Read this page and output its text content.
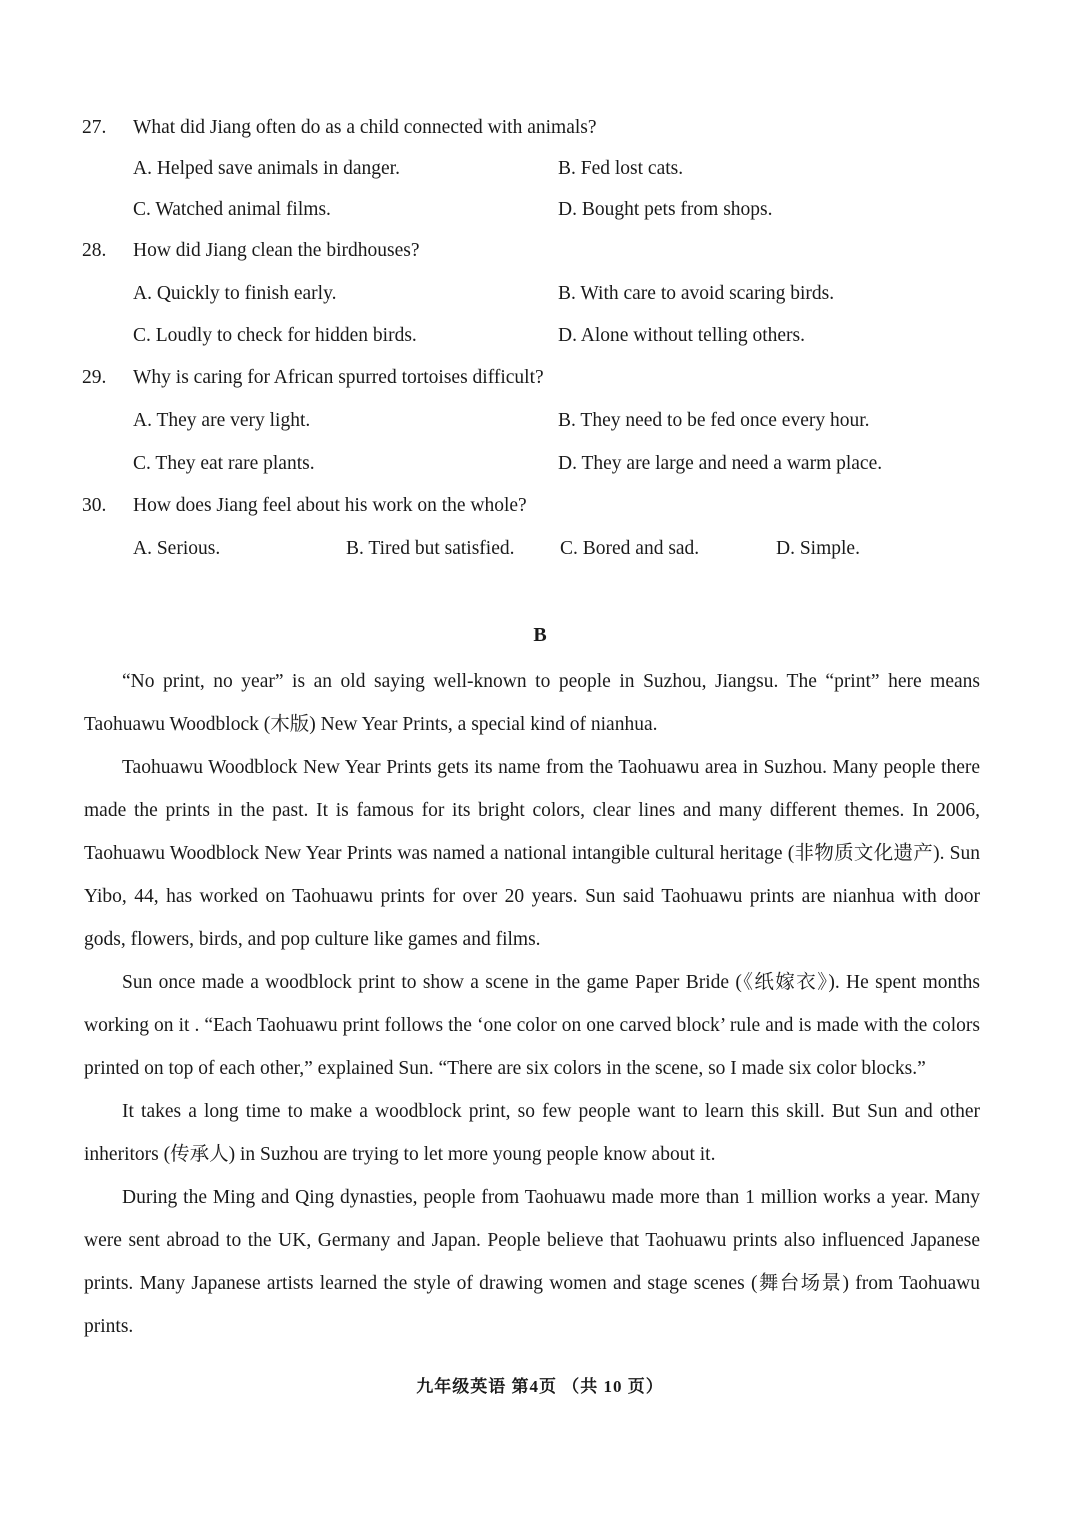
27. What did Jiang often do as a child connected with animals?
A. Helped save animals in danger.	B. Fed lost cats.
C. Watched animal films.	D. Bought pets from shops.
28. How did Jiang clean the birdhouses?
A. Quickly to finish early.	B. With care to avoid scaring birds.
C. Loudly to check for hidden birds.	D. Alone without telling others.
29. Why is caring for African spurred tortoises difficult?
A. They are very light.	B. They need to be fed once every hour.
C. They eat rare plants.	D. They are large and need a warm place.
30. How does Jiang feel about his work on the whole?
A. Serious.	B. Tired but satisfied. C. Bored and sad.	D. Simple.
B

“No print, no year” is an old saying well-known to people in Suzhou, Jiangsu. The “print” here means Taohuawu Woodblock (木版) New Year Prints, a special kind of nianhua.

Taohuawu Woodblock New Year Prints gets its name from the Taohuawu area in Suzhou. Many people there made the prints in the past. It is famous for its bright colors, clear lines and many different themes. In 2006, Taohuawu Woodblock New Year Prints was named a national intangible cultural heritage (非物质文化遗产). Sun Yibo, 44, has worked on Taohuawu prints for over 20 years. Sun said Taohuawu prints are nianhua with door gods, flowers, birds, and pop culture like games and films.

Sun once made a woodblock print to show a scene in the game Paper Bride (《纸嫁衣》). He spent months working on it . “Each Taohuawu print follows the ‘one color on one carved block’ rule and is made with the colors printed on top of each other,” explained Sun. “There are six colors in the scene, so I made six color blocks.”

It takes a long time to make a woodblock print, so few people want to learn this skill. But Sun and other inheritors (传承人) in Suzhou are trying to let more young people know about it.

During the Ming and Qing dynasties, people from Taohuawu made more than 1 million works a year. Many were sent abroad to the UK, Germany and Japan. People believe that Taohuawu prints also influenced Japanese prints. Many Japanese artists learned the style of drawing women and stage scenes (舞台场景) from Taohuawu prints.

九年级英语 第4页 （共 10 页）
